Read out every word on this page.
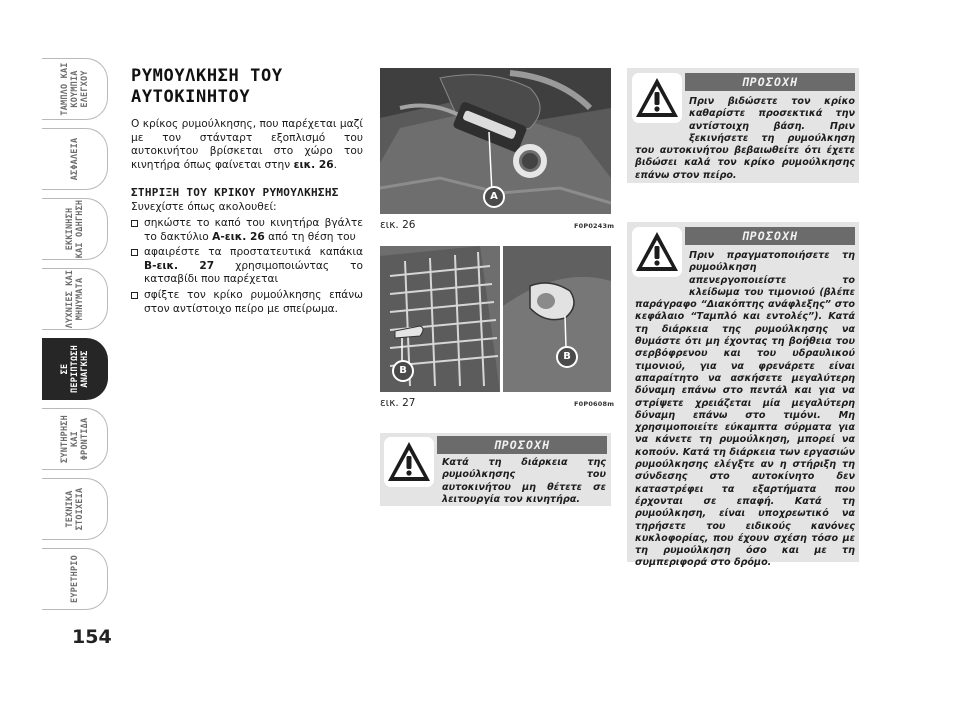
ΤΑΜΠΛΟ ΚΑΙ
ΚΟΥΜΠΙΑ
ΕΛΕΓΧΟΥ
ΑΣΦΑΛΕΙΑ
ΕΚΚΙΝΗΣΗ
ΚΑΙ ΟΔΗΓΗΣΗ
ΛΥΧΝΙΕΣ ΚΑΙ
ΜΗΝΥΜΑΤΑ
ΣΕ ΠΕΡΙΠΤΩΣΗ
ΑΝΑΓΚΗΣ
ΣΥΝΤΗΡΗΣΗ
ΚΑΙ ΦΡΟΝΤΙΔΑ
ΤΕΧΝΙΚΑ
ΣΤΟΙΧΕΙΑ
ΕΥΡΕΤΗΡΙΟ
154
ΡΥΜΟΥΛΚΗΣΗ ΤΟΥ ΑΥΤΟΚΙΝΗΤΟΥ
Ο κρίκος ρυμούλκησης, που παρέχεται μαζί με τον στάνταρτ εξοπλισμό του αυτοκινήτου βρίσκεται στο χώρο του κινητήρα όπως φαίνεται στην εικ. 26.
ΣΤΗΡΙΞΗ ΤΟΥ ΚΡΙΚΟΥ ΡΥΜΟΥΛΚΗΣΗΣ
Συνεχίστε όπως ακολουθεί:
σηκώστε το καπό του κινητήρα βγάλτε το δακτύλιο A-εικ. 26 από τη θέση του
αφαιρέστε τα προστατευτικά καπάκια B-εικ. 27 χρησιμοποιώντας το κατσαβίδι που παρέχεται
σφίξτε τον κρίκο ρυμούλκησης επάνω στον αντίστοιχο πείρο με σπείρωμα.
A
εικ. 26	F0P0243m
B
B
εικ. 27	F0P0608m
ΠΡΟΣΟΧΗ
Κατά τη διάρκεια της ρυμούλκησης του αυτοκινήτου μη θέτετε σε λειτουργία τον κινητήρα.
ΠΡΟΣΟΧΗ
Πριν βιδώσετε τον κρίκο καθαρίστε προσεκτικά την αντίστοιχη βάση. Πριν ξεκινήσετε τη ρυμούλκηση του αυτοκινήτου βεβαιωθείτε ότι έχετε βιδώσει καλά τον κρίκο ρυμούλκησης επάνω στον πείρο.
ΠΡΟΣΟΧΗ
Πριν πραγματοποιήσετε τη ρυμούλκηση απενεργοποιείστε το κλείδωμα του τιμονιού (βλέπε παράγραφο “Διακόπτης ανάφλεξης” στο κεφάλαιο “Ταμπλό και εντολές”). Κατά τη διάρκεια της ρυμούλκησης να θυμάστε ότι μη έχοντας τη βοήθεια του σερβόφρενου και του υδραυλικού τιμονιού, για να φρενάρετε είναι απαραίτητο να ασκήσετε μεγαλύτερη δύναμη επάνω στο πεντάλ και για να στρίψετε χρειάζεται μία μεγαλύτερη δύναμη επάνω στο τιμόνι. Μη χρησιμοποιείτε εύκαμπτα σύρματα για να κάνετε τη ρυμούλκηση, μπορεί να κοπούν. Κατά τη διάρκεια των εργασιών ρυμούλκησης ελέγξτε αν η στήριξη τη σύνδεσης στο αυτοκίνητο δεν καταστρέφει τα εξαρτήματα που έρχονται σε επαφή. Κατά τη ρυμούλκηση, είναι υποχρεωτικό να τηρήσετε του ειδικούς κανόνες κυκλοφορίας, που έχουν σχέση τόσο με τη ρυμούλκηση όσο και με τη συμπεριφορά στο δρόμο.
